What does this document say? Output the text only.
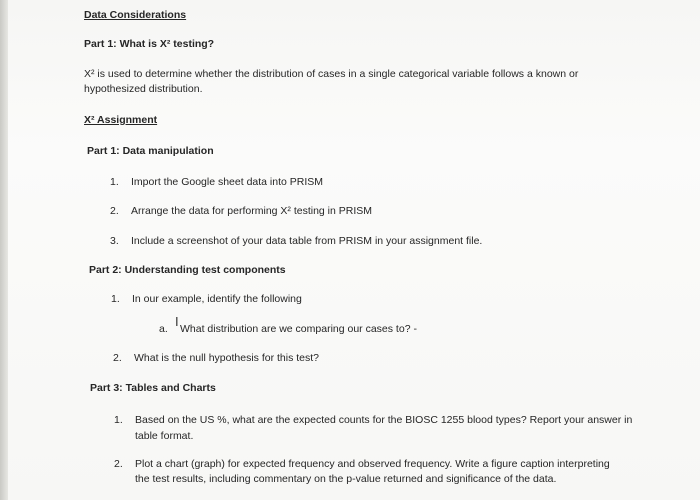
Data Considerations
Part 1: What is X² testing?
X² is used to determine whether the distribution of cases in a single categorical variable follows a known or
hypothesized distribution.
X² Assignment
Part 1: Data manipulation
1. Import the Google sheet data into PRISM
2. Arrange the data for performing X² testing in PRISM
3. Include a screenshot of your data table from PRISM in your assignment file.
Part 2: Understanding test components
1. In our example, identify the following
a. What distribution are we comparing our cases to? -
Ι
2. What is the null hypothesis for this test?
Part 3: Tables and Charts
1. Based on the US %, what are the expected counts for the BIOSC 1255 blood types? Report your answer in
table format.
2. Plot a chart (graph) for expected frequency and observed frequency. Write a figure caption interpreting
the test results, including commentary on the p-value returned and significance of the data.
